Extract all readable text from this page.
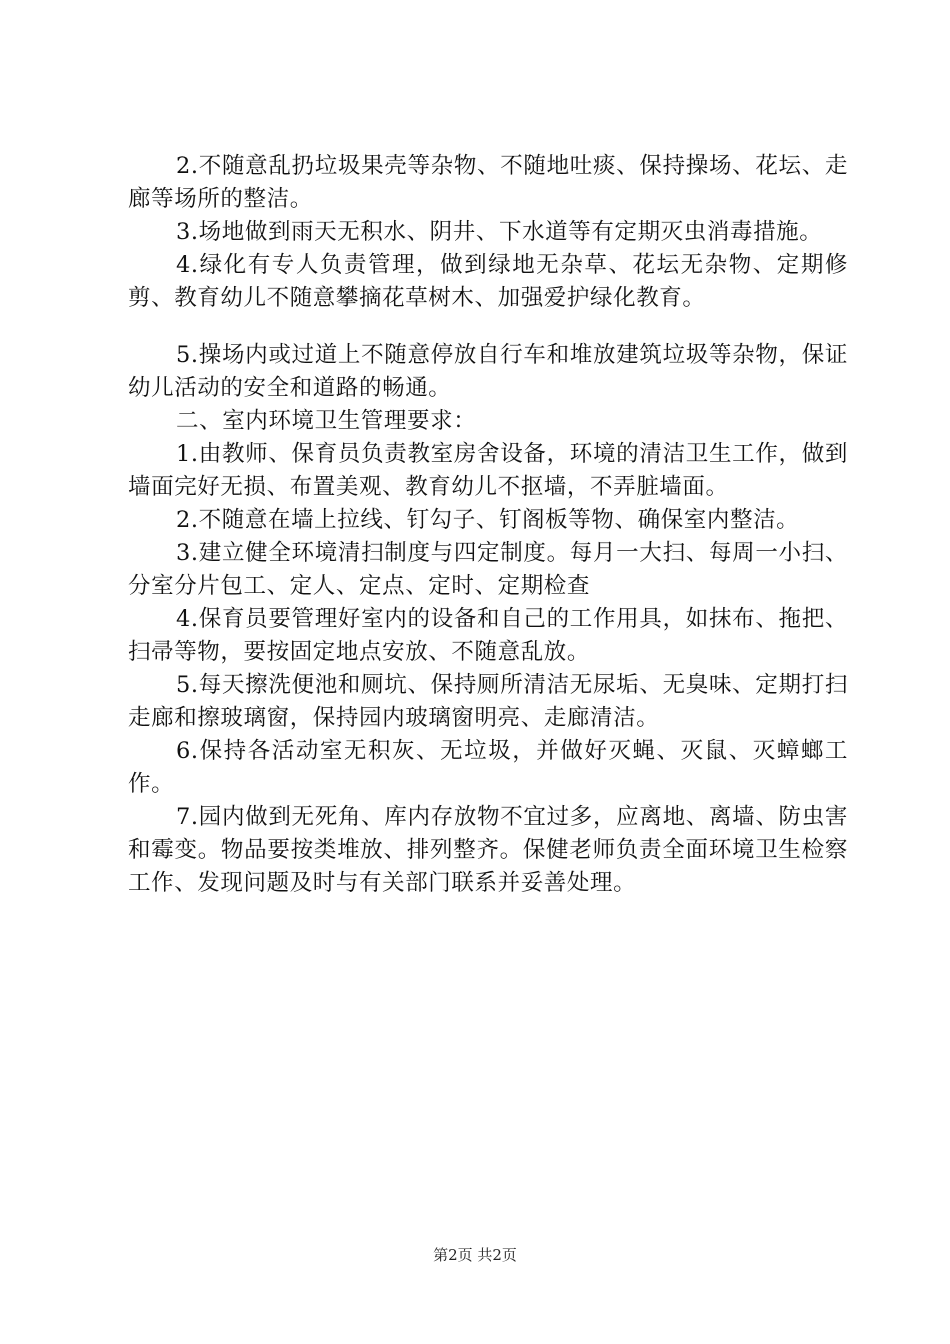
2.不随意乱扔垃圾果壳等杂物、不随地吐痰、保持操场、花坛、走廊等场所的整洁。

3.场地做到雨天无积水、阴井、下水道等有定期灭虫消毒措施。

4.绿化有专人负责管理，做到绿地无杂草、花坛无杂物、定期修剪、教育幼儿不随意攀摘花草树木、加强爱护绿化教育。

5.操场内或过道上不随意停放自行车和堆放建筑垃圾等杂物，保证幼儿活动的安全和道路的畅通。

二、室内环境卫生管理要求：

1.由教师、保育员负责教室房舍设备，环境的清洁卫生工作，做到墙面完好无损、布置美观、教育幼儿不抠墙，不弄脏墙面。

2.不随意在墙上拉线、钉勾子、钉阁板等物、确保室内整洁。

3.建立健全环境清扫制度与四定制度。每月一大扫、每周一小扫、分室分片包工、定人、定点、定时、定期检查

4.保育员要管理好室内的设备和自己的工作用具，如抹布、拖把、扫帚等物，要按固定地点安放、不随意乱放。

5.每天擦洗便池和厕坑、保持厕所清洁无尿垢、无臭味、定期打扫走廊和擦玻璃窗，保持园内玻璃窗明亮、走廊清洁。

6.保持各活动室无积灰、无垃圾，并做好灭蝇、灭鼠、灭蟑螂工作。

7.园内做到无死角、库内存放物不宜过多，应离地、离墙、防虫害和霉变。物品要按类堆放、排列整齐。保健老师负责全面环境卫生检察工作、发现问题及时与有关部门联系并妥善处理。

第2页 共2页
